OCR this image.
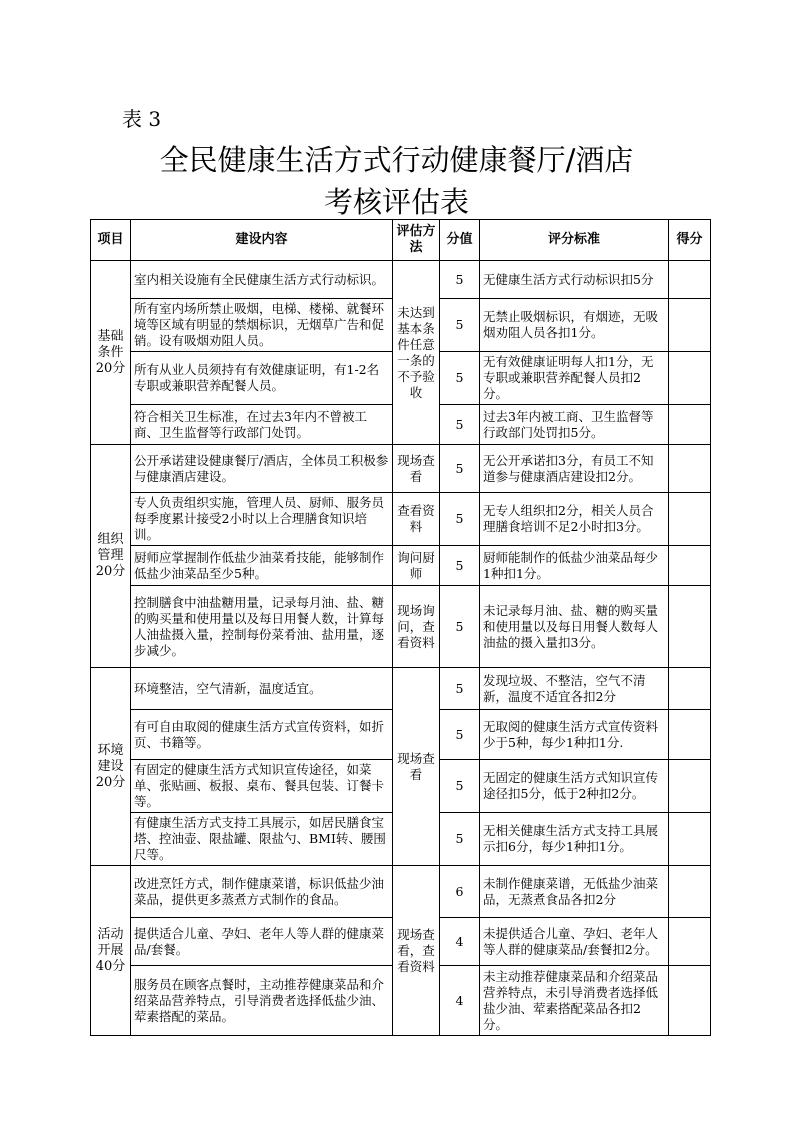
表 3
全民健康生活方式行动健康餐厅/酒店
考核评估表
项目	建设内容	评估方法	分值	评分标准	得分
基础条件20分	室内相关设施有全民健康生活方式行动标识。	未达到基本条件任意一条的不予验收	5	无健康生活方式行动标识扣5分	
	所有室内场所禁止吸烟，电梯、楼梯、就餐环境等区域有明显的禁烟标识，无烟草广告和促销。设有吸烟劝阻人员。		5	无禁止吸烟标识，有烟迹，无吸烟劝阻人员各扣1分。	
	所有从业人员须持有有效健康证明，有1-2名专职或兼职营养配餐人员。		5	无有效健康证明每人扣1分，无专职或兼职营养配餐人员扣2分。	
	符合相关卫生标准，在过去3年内不曾被工商、卫生监督等行政部门处罚。		5	过去3年内被工商、卫生监督等行政部门处罚扣5分。	
组织管理20分	公开承诺建设健康餐厅/酒店，全体员工积极参与健康酒店建设。	现场查看	5	无公开承诺扣3分，有员工不知道参与健康酒店建设扣2分。	
	专人负责组织实施，管理人员、厨师、服务员每季度累计接受2小时以上合理膳食知识培训。	查看资料	5	无专人组织扣2分，相关人员合理膳食培训不足2小时扣3分。	
	厨师应掌握制作低盐少油菜肴技能，能够制作低盐少油菜品至少5种。	询问厨师	5	厨师能制作的低盐少油菜品每少1种扣1分。	
	控制膳食中油盐糖用量，记录每月油、盐、糖的购买量和使用量以及每日用餐人数，计算每人油盐摄入量，控制每份菜肴油、盐用量，逐步减少。	现场询问，查看资料	5	未记录每月油、盐、糖的购买量和使用量以及每日用餐人数每人油盐的摄入量扣3分。	
环境建设20分	环境整洁，空气清新，温度适宜。	现场查看	5	发现垃圾、不整洁，空气不清新，温度不适宜各扣2分	
	有可自由取阅的健康生活方式宣传资料，如折页、书籍等。		5	无取阅的健康生活方式宣传资料少于5种，每少1种扣1分.	
	有固定的健康生活方式知识宣传途径，如菜单、张贴画、板报、桌布、餐具包装、订餐卡等。		5	无固定的健康生活方式知识宣传途径扣5分，低于2种扣2分。	
	有健康生活方式支持工具展示，如居民膳食宝塔、控油壶、限盐罐、限盐勺、BMI转、腰围尺等。		5	无相关健康生活方式支持工具展示扣6分，每少1种扣1分。	
活动开展40分	改进烹饪方式，制作健康菜谱，标识低盐少油菜品，提供更多蒸煮方式制作的食品。	现场查看，查看资料	6	未制作健康菜谱，无低盐少油菜品，无蒸煮食品各扣2分	
	提供适合儿童、孕妇、老年人等人群的健康菜品/套餐。		4	未提供适合儿童、孕妇、老年人等人群的健康菜品/套餐扣2分。	
	服务员在顾客点餐时，主动推荐健康菜品和介绍菜品营养特点，引导消费者选择低盐少油、荤素搭配的菜品。		4	未主动推荐健康菜品和介绍菜品营养特点，未引导消费者选择低盐少油、荤素搭配菜品各扣2分。	
